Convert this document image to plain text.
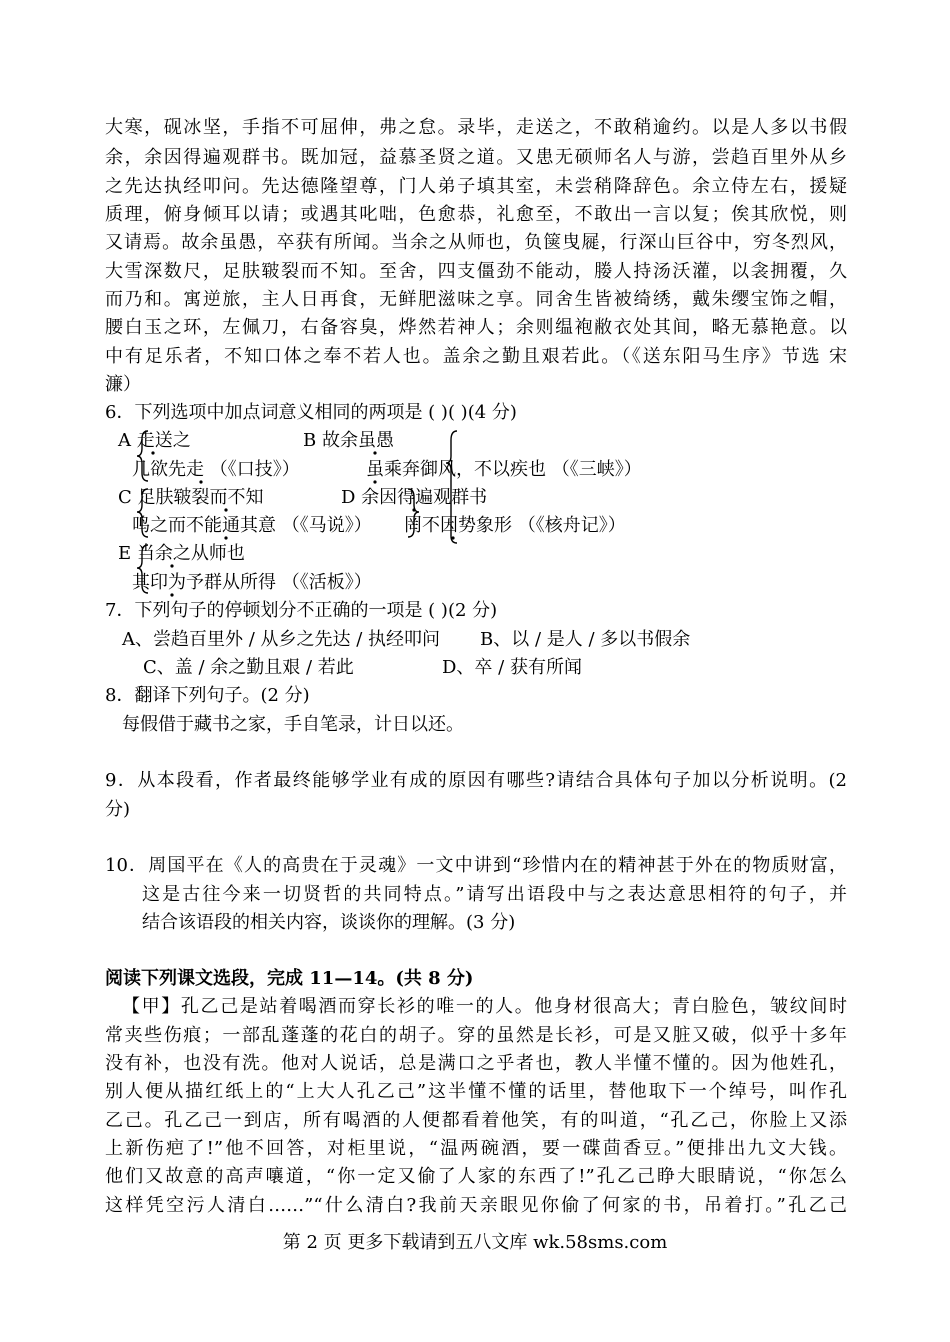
大寒，砚冰坚，手指不可屈伸，弗之怠。录毕，走送之，不敢稍逾约。以是人多以书假
余，余因得遍观群书。既加冠，益慕圣贤之道。又患无硕师名人与游，尝趋百里外从乡
之先达执经叩问。先达德隆望尊，门人弟子填其室，未尝稍降辞色。余立侍左右，援疑
质理，俯身倾耳以请；或遇其叱咄，色愈恭，礼愈至，不敢出一言以复；俟其欣悦，则
又请焉。故余虽愚，卒获有所闻。当余之从师也，负箧曳屣，行深山巨谷中，穷冬烈风，
大雪深数尺，足肤皲裂而不知。至舍，四支僵劲不能动，媵人持汤沃灌，以衾拥覆，久
而乃和。寓逆旅，主人日再食，无鲜肥滋味之享。同舍生皆被绮绣，戴朱缨宝饰之帽，
腰白玉之环，左佩刀，右备容臭，烨然若神人；余则缊袍敝衣处其间，略无慕艳意。以
中有足乐者，不知口体之奉不若人也。盖余之勤且艰若此。（《送东阳马生序》节选 宋
濂）
6．下列选项中加点词意义相同的两项是 ( )( )(4 分)
A 走送之	B 故余虽愚
几欲先走 （《口技》）	虽乘奔御风，不以疾也 （《三峡》）
C 足肤皲裂而不知	D 余因得遍观群书
鸣之而不能通其意 （《马说》） 罔不因势象形 （《核舟记》）
E 当余之从师也
其印为予群从所得 （《活板》）
7．下列句子的停顿划分不正确的一项是 ( )(2 分)
A、尝趋百里外 / 从乡之先达 / 执经叩问 B、以 / 是人 / 多以书假余
C、盖 / 余之勤且艰 / 若此	D、卒 / 获有所闻
8．翻译下列句子。(2 分)
每假借于藏书之家，手自笔录，计日以还。
9．从本段看，作者最终能够学业有成的原因有哪些?请结合具体句子加以分析说明。(2
分)
10．周国平在《人的高贵在于灵魂》一文中讲到“珍惜内在的精神甚于外在的物质财富，
这是古往今来一切贤哲的共同特点。”请写出语段中与之表达意思相符的句子，并
结合该语段的相关内容，谈谈你的理解。(3 分)
阅读下列课文选段，完成 11—14。(共 8 分)
【甲】孔乙己是站着喝酒而穿长衫的唯一的人。他身材很高大；青白脸色，皱纹间时
常夹些伤痕；一部乱蓬蓬的花白的胡子。穿的虽然是长衫，可是又脏又破，似乎十多年
没有补，也没有洗。他对人说话，总是满口之乎者也，教人半懂不懂的。因为他姓孔，
别人便从描红纸上的“上大人孔乙己”这半懂不懂的话里，替他取下一个绰号，叫作孔
乙己。孔乙己一到店，所有喝酒的人便都看着他笑，有的叫道，“孔乙己，你脸上又添
上新伤疤了!”他不回答，对柜里说，“温两碗酒，要一碟茴香豆。”便排出九文大钱。
他们又故意的高声嚷道，“你一定又偷了人家的东西了!”孔乙己睁大眼睛说，“你怎么
这样凭空污人清白……”“什么清白?我前天亲眼见你偷了何家的书，吊着打。”孔乙己
第 2 页 更多下载请到五八文库 wk.58sms.com
